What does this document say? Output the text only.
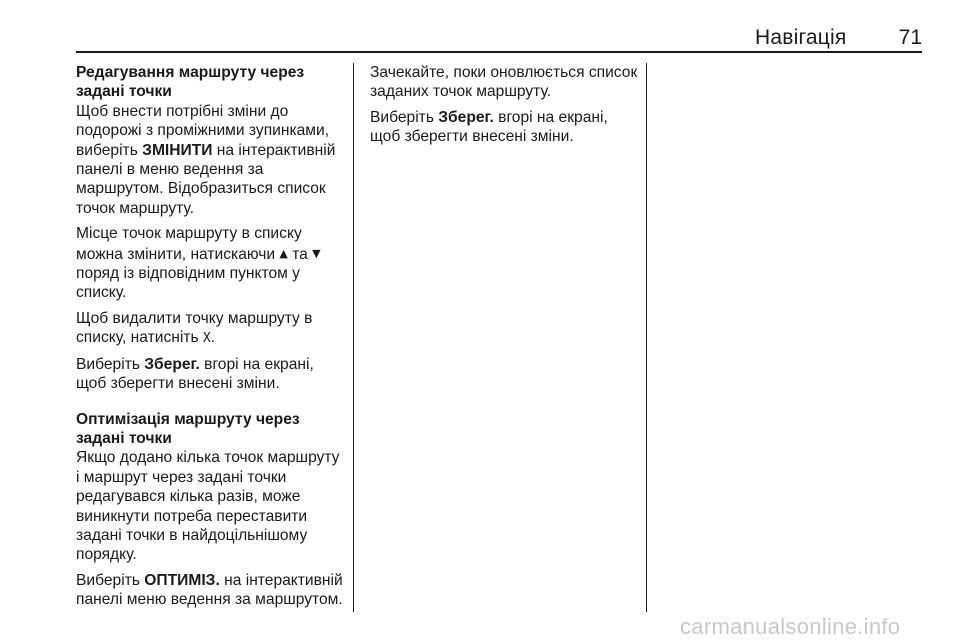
Навігація 71

Редагування маршруту через задані точки

Щоб внести потрібні зміни до подорожі з проміжними зупинками, виберіть ЗМІНИТИ на інтерактивній панелі в меню ведення за маршрутом. Відобразиться список точок маршруту.

Місце точок маршруту в списку можна змінити, натискаючи ▲ та ▼ поряд із відповідним пунктом у списку.

Щоб видалити точку маршруту в списку, натисніть X.

Виберіть Зберег. вгорі на екрані, щоб зберегти внесені зміни.

Оптимізація маршруту через задані точки

Якщо додано кілька точок маршруту і маршрут через задані точки редагувався кілька разів, може виникнути потреба переставити задані точки в найдоцільнішому порядку.

Виберіть ОПТИМІЗ. на інтерактивній панелі меню ведення за маршрутом.

Зачекайте, поки оновлюється список заданих точок маршруту.

Виберіть Зберег. вгорі на екрані, щоб зберегти внесені зміни.

carmanualsonline.info
